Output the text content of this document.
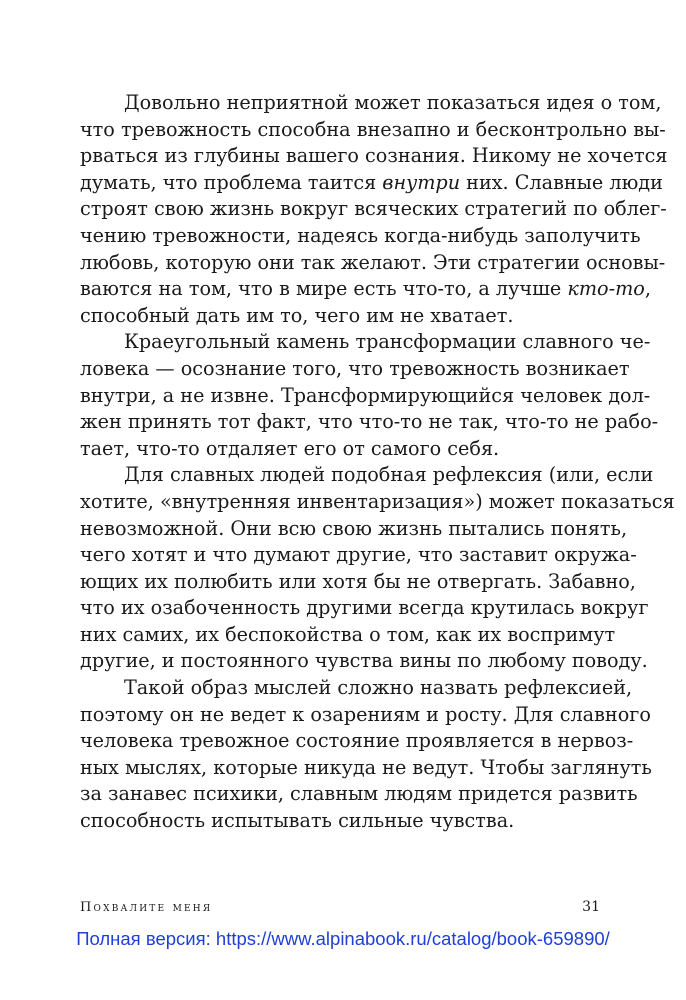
Довольно неприятной может показаться идея о том,
что тревожность способна внезапно и бесконтрольно вы-
рваться из глубины вашего сознания. Никому не хочется
думать, что проблема таится внутри них. Славные люди
строят свою жизнь вокруг всяческих стратегий по облег-
чению тревожности, надеясь когда-нибудь заполучить
любовь, которую они так желают. Эти стратегии основы-
ваются на том, что в мире есть что-то, а лучше кто-то,
способный дать им то, чего им не хватает.
Краеугольный камень трансформации славного че-
ловека — осознание того, что тревожность возникает
внутри, а не извне. Трансформирующийся человек дол-
жен принять тот факт, что что-то не так, что-то не рабо-
тает, что-то отдаляет его от самого себя.
Для славных людей подобная рефлексия (или, если
хотите, «внутренняя инвентаризация») может показаться
невозможной. Они всю свою жизнь пытались понять,
чего хотят и что думают другие, что заставит окружа-
ющих их полюбить или хотя бы не отвергать. Забавно,
что их озабоченность другими всегда крутилась вокруг
них самих, их беспокойства о том, как их воспримут
другие, и постоянного чувства вины по любому поводу.
Такой образ мыслей сложно назвать рефлексией,
поэтому он не ведет к озарениям и росту. Для славного
человека тревожное состояние проявляется в нервоз-
ных мыслях, которые никуда не ведут. Чтобы заглянуть
за занавес психики, славным людям придется развить
способность испытывать сильные чувства.
Похвалите меня	31
Полная версия: https://www.alpinabook.ru/catalog/book-659890/
